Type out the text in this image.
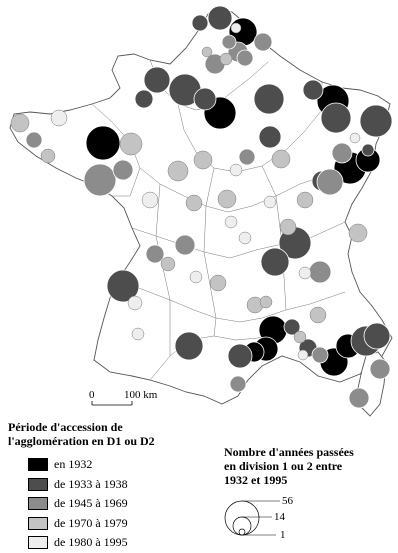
0	100 km
Période d'accession de
l'agglomération en D1 ou D2
en 1932
de 1933 à 1938
de 1945 à 1969
de 1970 à 1979
de 1980 à 1995
Nombre d'années passées
en division 1 ou 2 entre
1932 et 1995
56
14
1
